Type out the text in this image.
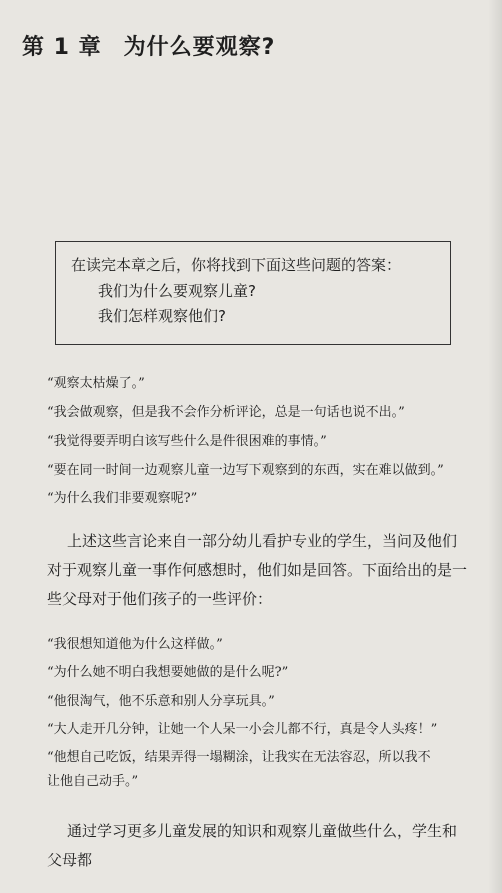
第 1 章 为什么要观察?
在读完本章之后，你将找到下面这些问题的答案：
我们为什么要观察儿童?
我们怎样观察他们?
“观察太枯燥了。”
“我会做观察，但是我不会作分析评论，总是一句话也说不出。”
“我觉得要弄明白该写些什么是件很困难的事情。”
“要在同一时间一边观察儿童一边写下观察到的东西，实在难以做到。”
“为什么我们非要观察呢?”
上述这些言论来自一部分幼儿看护专业的学生，当问及他们对于观察儿童一事作何感想时，他们如是回答。下面给出的是一些父母对于他们孩子的一些评价：
“我很想知道他为什么这样做。”
“为什么她不明白我想要她做的是什么呢?”
“他很淘气，他不乐意和别人分享玩具。”
“大人走开几分钟，让她一个人呆一小会儿都不行，真是令人头疼！”
“他想自己吃饭，结果弄得一塌糊涂，让我实在无法容忍，所以我不
让他自己动手。”
通过学习更多儿童发展的知识和观察儿童做些什么，学生和父母都
